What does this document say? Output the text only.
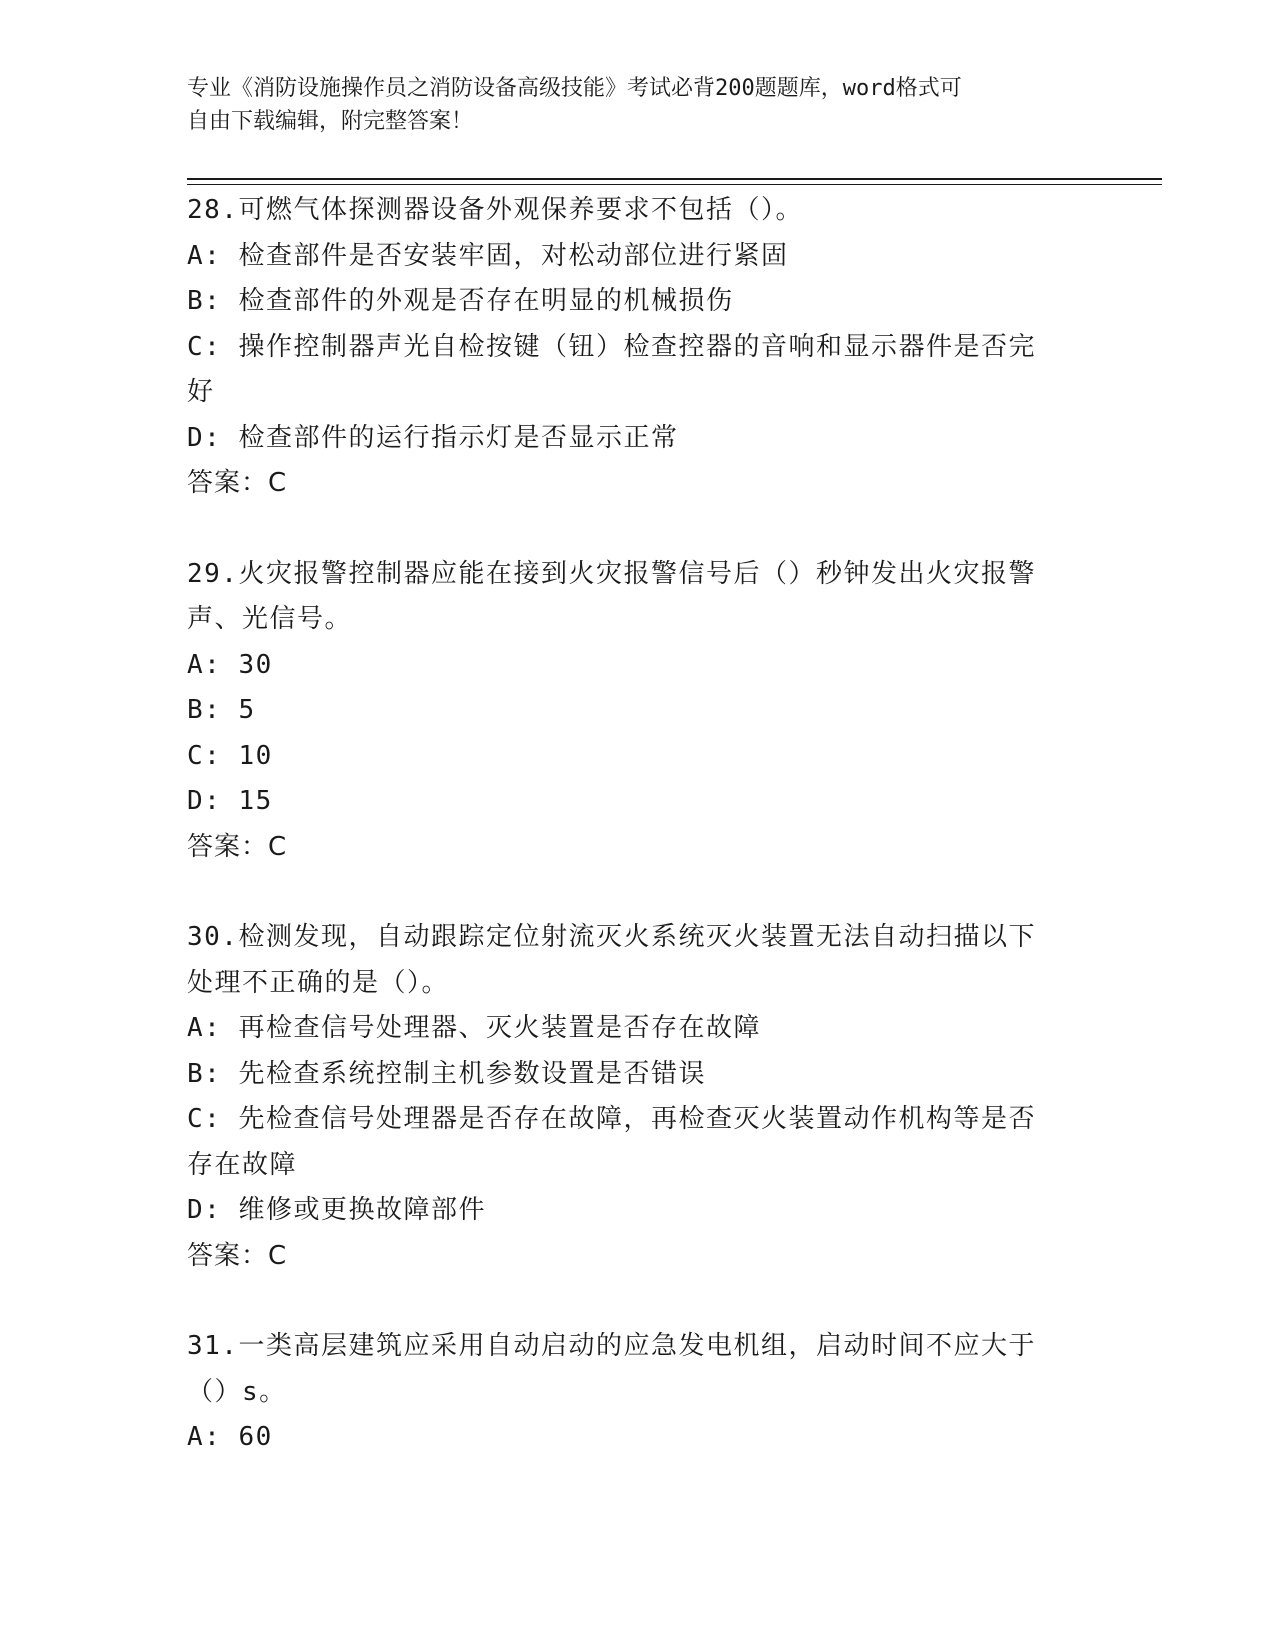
专业《消防设施操作员之消防设备高级技能》考试必背200题题库，word格式可
自由下载编辑，附完整答案！
28.可燃气体探测器设备外观保养要求不包括（）。
A: 检查部件是否安装牢固，对松动部位进行紧固
B: 检查部件的外观是否存在明显的机械损伤
C: 操作控制器声光自检按键（钮）检查控器的音响和显示器件是否完
好
D: 检查部件的运行指示灯是否显示正常
答案：C
29.火灾报警控制器应能在接到火灾报警信号后（）秒钟发出火灾报警
声、光信号。
A: 30
B: 5
C: 10
D: 15
答案：C
30.检测发现，自动跟踪定位射流灭火系统灭火装置无法自动扫描以下
处理不正确的是（）。
A: 再检查信号处理器、灭火装置是否存在故障
B: 先检查系统控制主机参数设置是否错误
C: 先检查信号处理器是否存在故障，再检查灭火装置动作机构等是否
存在故障
D: 维修或更换故障部件
答案：C
31.一类高层建筑应采用自动启动的应急发电机组，启动时间不应大于
（）s。
A: 60
